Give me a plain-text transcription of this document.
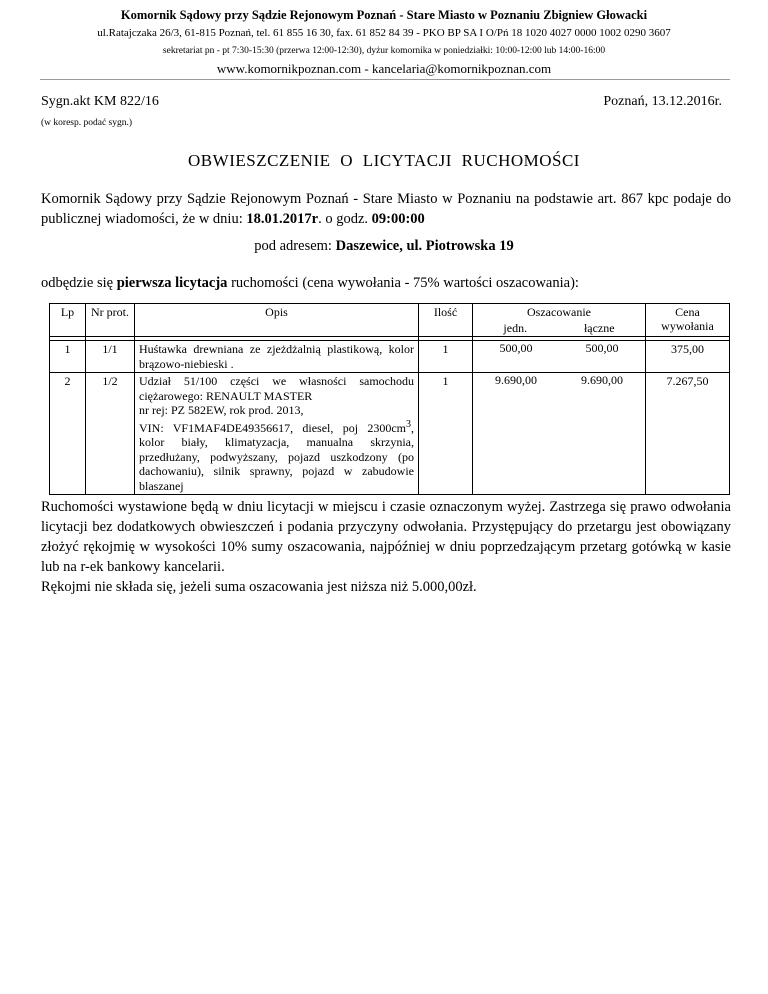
Komornik Sądowy przy Sądzie Rejonowym Poznań - Stare Miasto w Poznaniu Zbigniew Głowacki
ul.Ratajczaka 26/3, 61-815 Poznań, tel. 61 855 16 30, fax. 61 852 84 39 - PKO BP SA I O/Pń 18 1020 4027 0000 1002 0290 3607
sekretariat pn - pt 7:30-15:30 (przerwa 12:00-12:30), dyżur komornika w poniedziałki: 10:00-12:00 lub 14:00-16:00
www.komornikpoznan.com - kancelaria@komornikpoznan.com
Sygn.akt KM 822/16	Poznań, 13.12.2016r.
(w koresp. podać sygn.)
OBWIESZCZENIE O LICYTACJI RUCHOMOŚCI
Komornik Sądowy przy Sądzie Rejonowym Poznań - Stare Miasto w Poznaniu na podstawie art. 867 kpc podaje do publicznej wiadomości, że w dniu: 18.01.2017r. o godz. 09:00:00
pod adresem: Daszewice, ul. Piotrowska 19
odbędzie się pierwsza licytacja ruchomości (cena wywołania - 75% wartości oszacowania):
Lp	Nr prot.	Opis	Ilość	Oszacowanie
jedn. łączne	Cena wywołania

1	1/1	Huśtawka drewniana ze zjeżdżalnią plastikową, kolor brązowo-niebieski .	1	500,00 500,00	375,00
2	1/2	Udział 51/100 części we własności samochodu ciężarowego: RENAULT MASTER
nr rej: PZ 582EW, rok prod. 2013,
VIN: VF1MAF4DE49356617, diesel, poj $2300cm^3$, kolor biały, klimatyzacja, manualna skrzynia, przedłużany, podwyższany, pojazd uszkodzony (po dachowaniu), silnik sprawny, pojazd w zabudowie blaszanej	1	9.690,00 9.690,00	7.267,50

Ruchomości wystawione będą w dniu licytacji w miejscu i czasie oznaczonym wyżej. Zastrzega się prawo odwołania licytacji bez dodatkowych obwieszczeń i podania przyczyny odwołania. Przystępujący do przetargu jest obowiązany złożyć rękojmię w wysokości 10% sumy oszacowania, najpóźniej w dniu poprzedzającym przetarg gotówką w kasie lub na r-ek bankowy kancelarii.

Rękojmi nie składa się, jeżeli suma oszacowania jest niższa niż 5.000,00zł.
